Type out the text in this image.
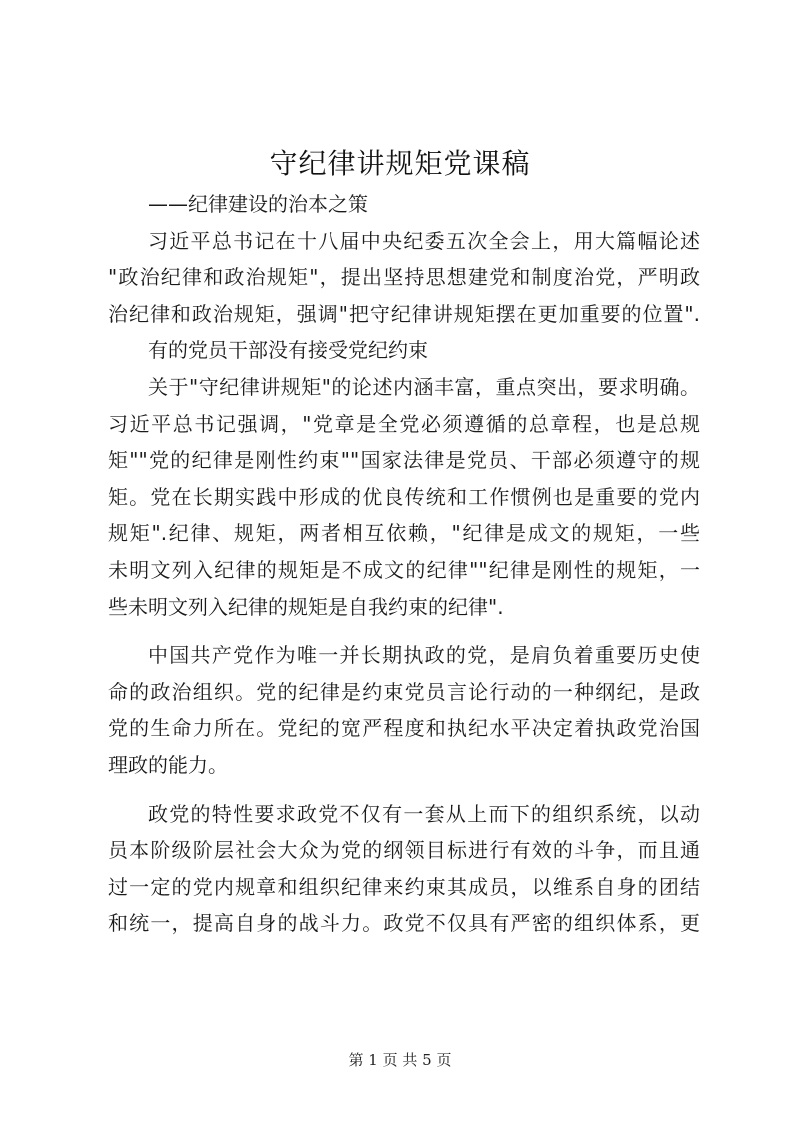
守纪律讲规矩党课稿

——纪律建设的治本之策

习近平总书记在十八届中央纪委五次全会上，用大篇幅论述
"政治纪律和政治规矩"，提出坚持思想建党和制度治党，严明政
治纪律和政治规矩，强调"把守纪律讲规矩摆在更加重要的位置".

有的党员干部没有接受党纪约束

关于"守纪律讲规矩"的论述内涵丰富，重点突出，要求明确。
习近平总书记强调，"党章是全党必须遵循的总章程，也是总规
矩""党的纪律是刚性约束""国家法律是党员、干部必须遵守的规
矩。党在长期实践中形成的优良传统和工作惯例也是重要的党内
规矩".纪律、规矩，两者相互依赖，"纪律是成文的规矩，一些
未明文列入纪律的规矩是不成文的纪律""纪律是刚性的规矩，一
些未明文列入纪律的规矩是自我约束的纪律".

中国共产党作为唯一并长期执政的党，是肩负着重要历史使
命的政治组织。党的纪律是约束党员言论行动的一种纲纪，是政
党的生命力所在。党纪的宽严程度和执纪水平决定着执政党治国
理政的能力。

政党的特性要求政党不仅有一套从上而下的组织系统，以动
员本阶级阶层社会大众为党的纲领目标进行有效的斗争，而且通
过一定的党内规章和组织纪律来约束其成员，以维系自身的团结
和统一，提高自身的战斗力。政党不仅具有严密的组织体系，更

第 1 页 共 5 页
